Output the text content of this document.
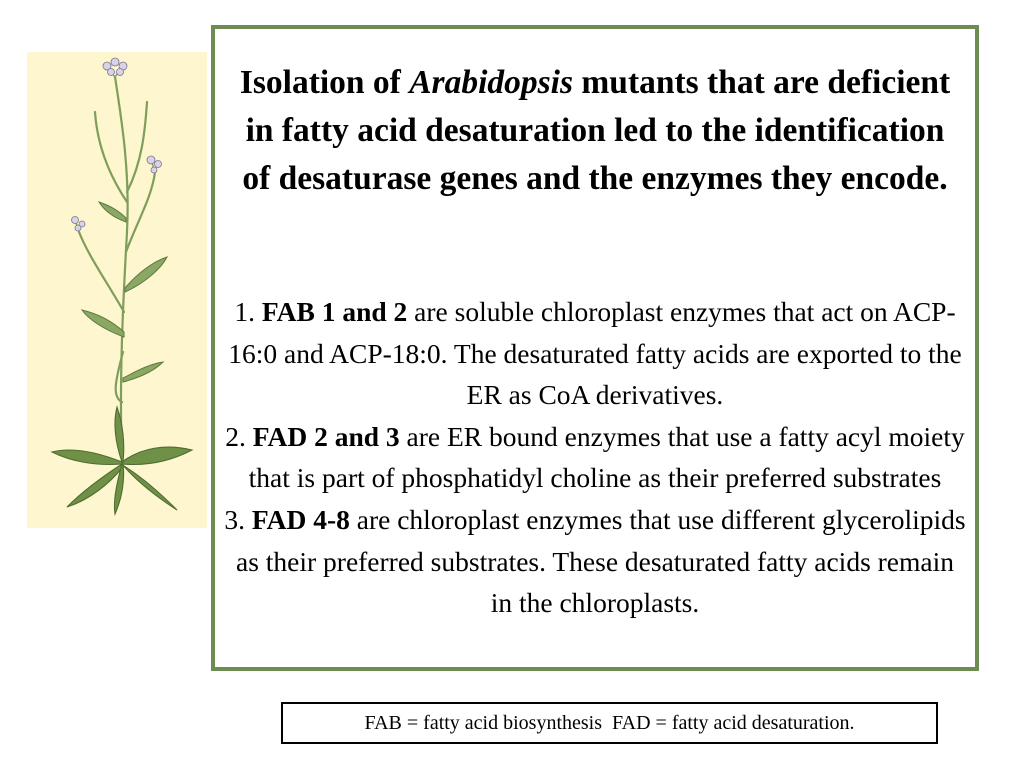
Isolation of Arabidopsis mutants that are deficient in fatty acid desaturation led to the identification of desaturase genes and the enzymes they encode.

1. FAB 1 and 2 are soluble chloroplast enzymes that act on ACP-16:0 and ACP-18:0. The desaturated fatty acids are exported to the ER as CoA derivatives.

2. FAD 2 and 3 are ER bound enzymes that use a fatty acyl moiety that is part of phosphatidyl choline as their preferred substrates

3. FAD 4-8 are chloroplast enzymes that use different glycerolipids as their preferred substrates. These desaturated fatty acids remain in the chloroplasts.

FAB = fatty acid biosynthesis  FAD = fatty acid desaturation.
